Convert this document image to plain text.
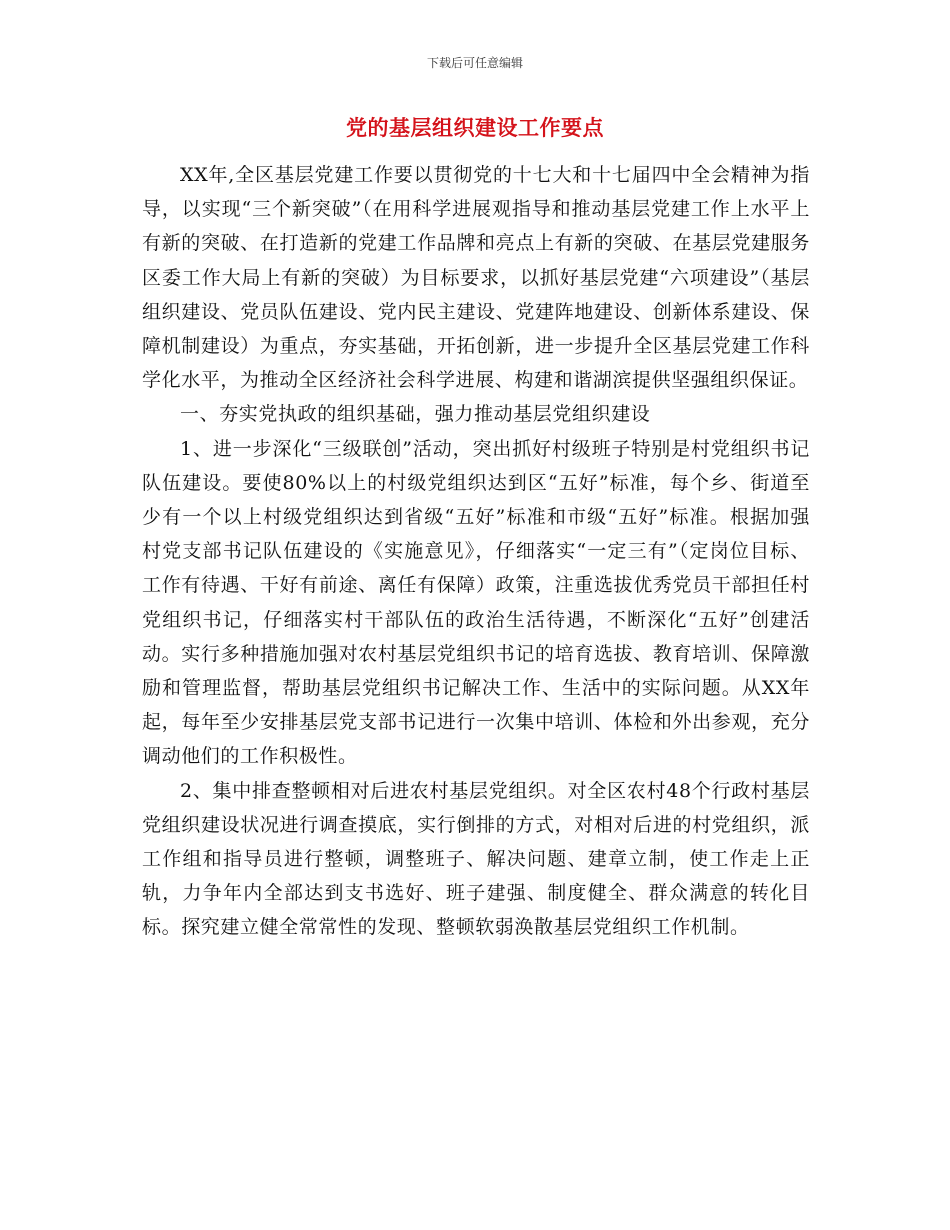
下载后可任意编辑
党的基层组织建设工作要点

XX年,全区基层党建工作要以贯彻党的十七大和十七届四中全会精神为指导，以实现“三个新突破”（在用科学进展观指导和推动基层党建工作上水平上有新的突破、在打造新的党建工作品牌和亮点上有新的突破、在基层党建服务区委工作大局上有新的突破）为目标要求，以抓好基层党建“六项建设”（基层组织建设、党员队伍建设、党内民主建设、党建阵地建设、创新体系建设、保障机制建设）为重点，夯实基础，开拓创新，进一步提升全区基层党建工作科学化水平，为推动全区经济社会科学进展、构建和谐湖滨提供坚强组织保证。

一、夯实党执政的组织基础，强力推动基层党组织建设

1、进一步深化“三级联创”活动，突出抓好村级班子特别是村党组织书记队伍建设。要使80%以上的村级党组织达到区“五好”标准，每个乡、街道至少有一个以上村级党组织达到省级“五好”标准和市级“五好”标准。根据加强村党支部书记队伍建设的《实施意见》，仔细落实“一定三有”（定岗位目标、工作有待遇、干好有前途、离任有保障）政策，注重选拔优秀党员干部担任村党组织书记，仔细落实村干部队伍的政治生活待遇，不断深化“五好”创建活动。实行多种措施加强对农村基层党组织书记的培育选拔、教育培训、保障激励和管理监督，帮助基层党组织书记解决工作、生活中的实际问题。从XX年起，每年至少安排基层党支部书记进行一次集中培训、体检和外出参观，充分调动他们的工作积极性。

2、集中排查整顿相对后进农村基层党组织。对全区农村48个行政村基层党组织建设状况进行调查摸底，实行倒排的方式，对相对后进的村党组织，派工作组和指导员进行整顿，调整班子、解决问题、建章立制，使工作走上正轨，力争年内全部达到支书选好、班子建强、制度健全、群众满意的转化目标。探究建立健全常常性的发现、整顿软弱涣散基层党组织工作机制。
